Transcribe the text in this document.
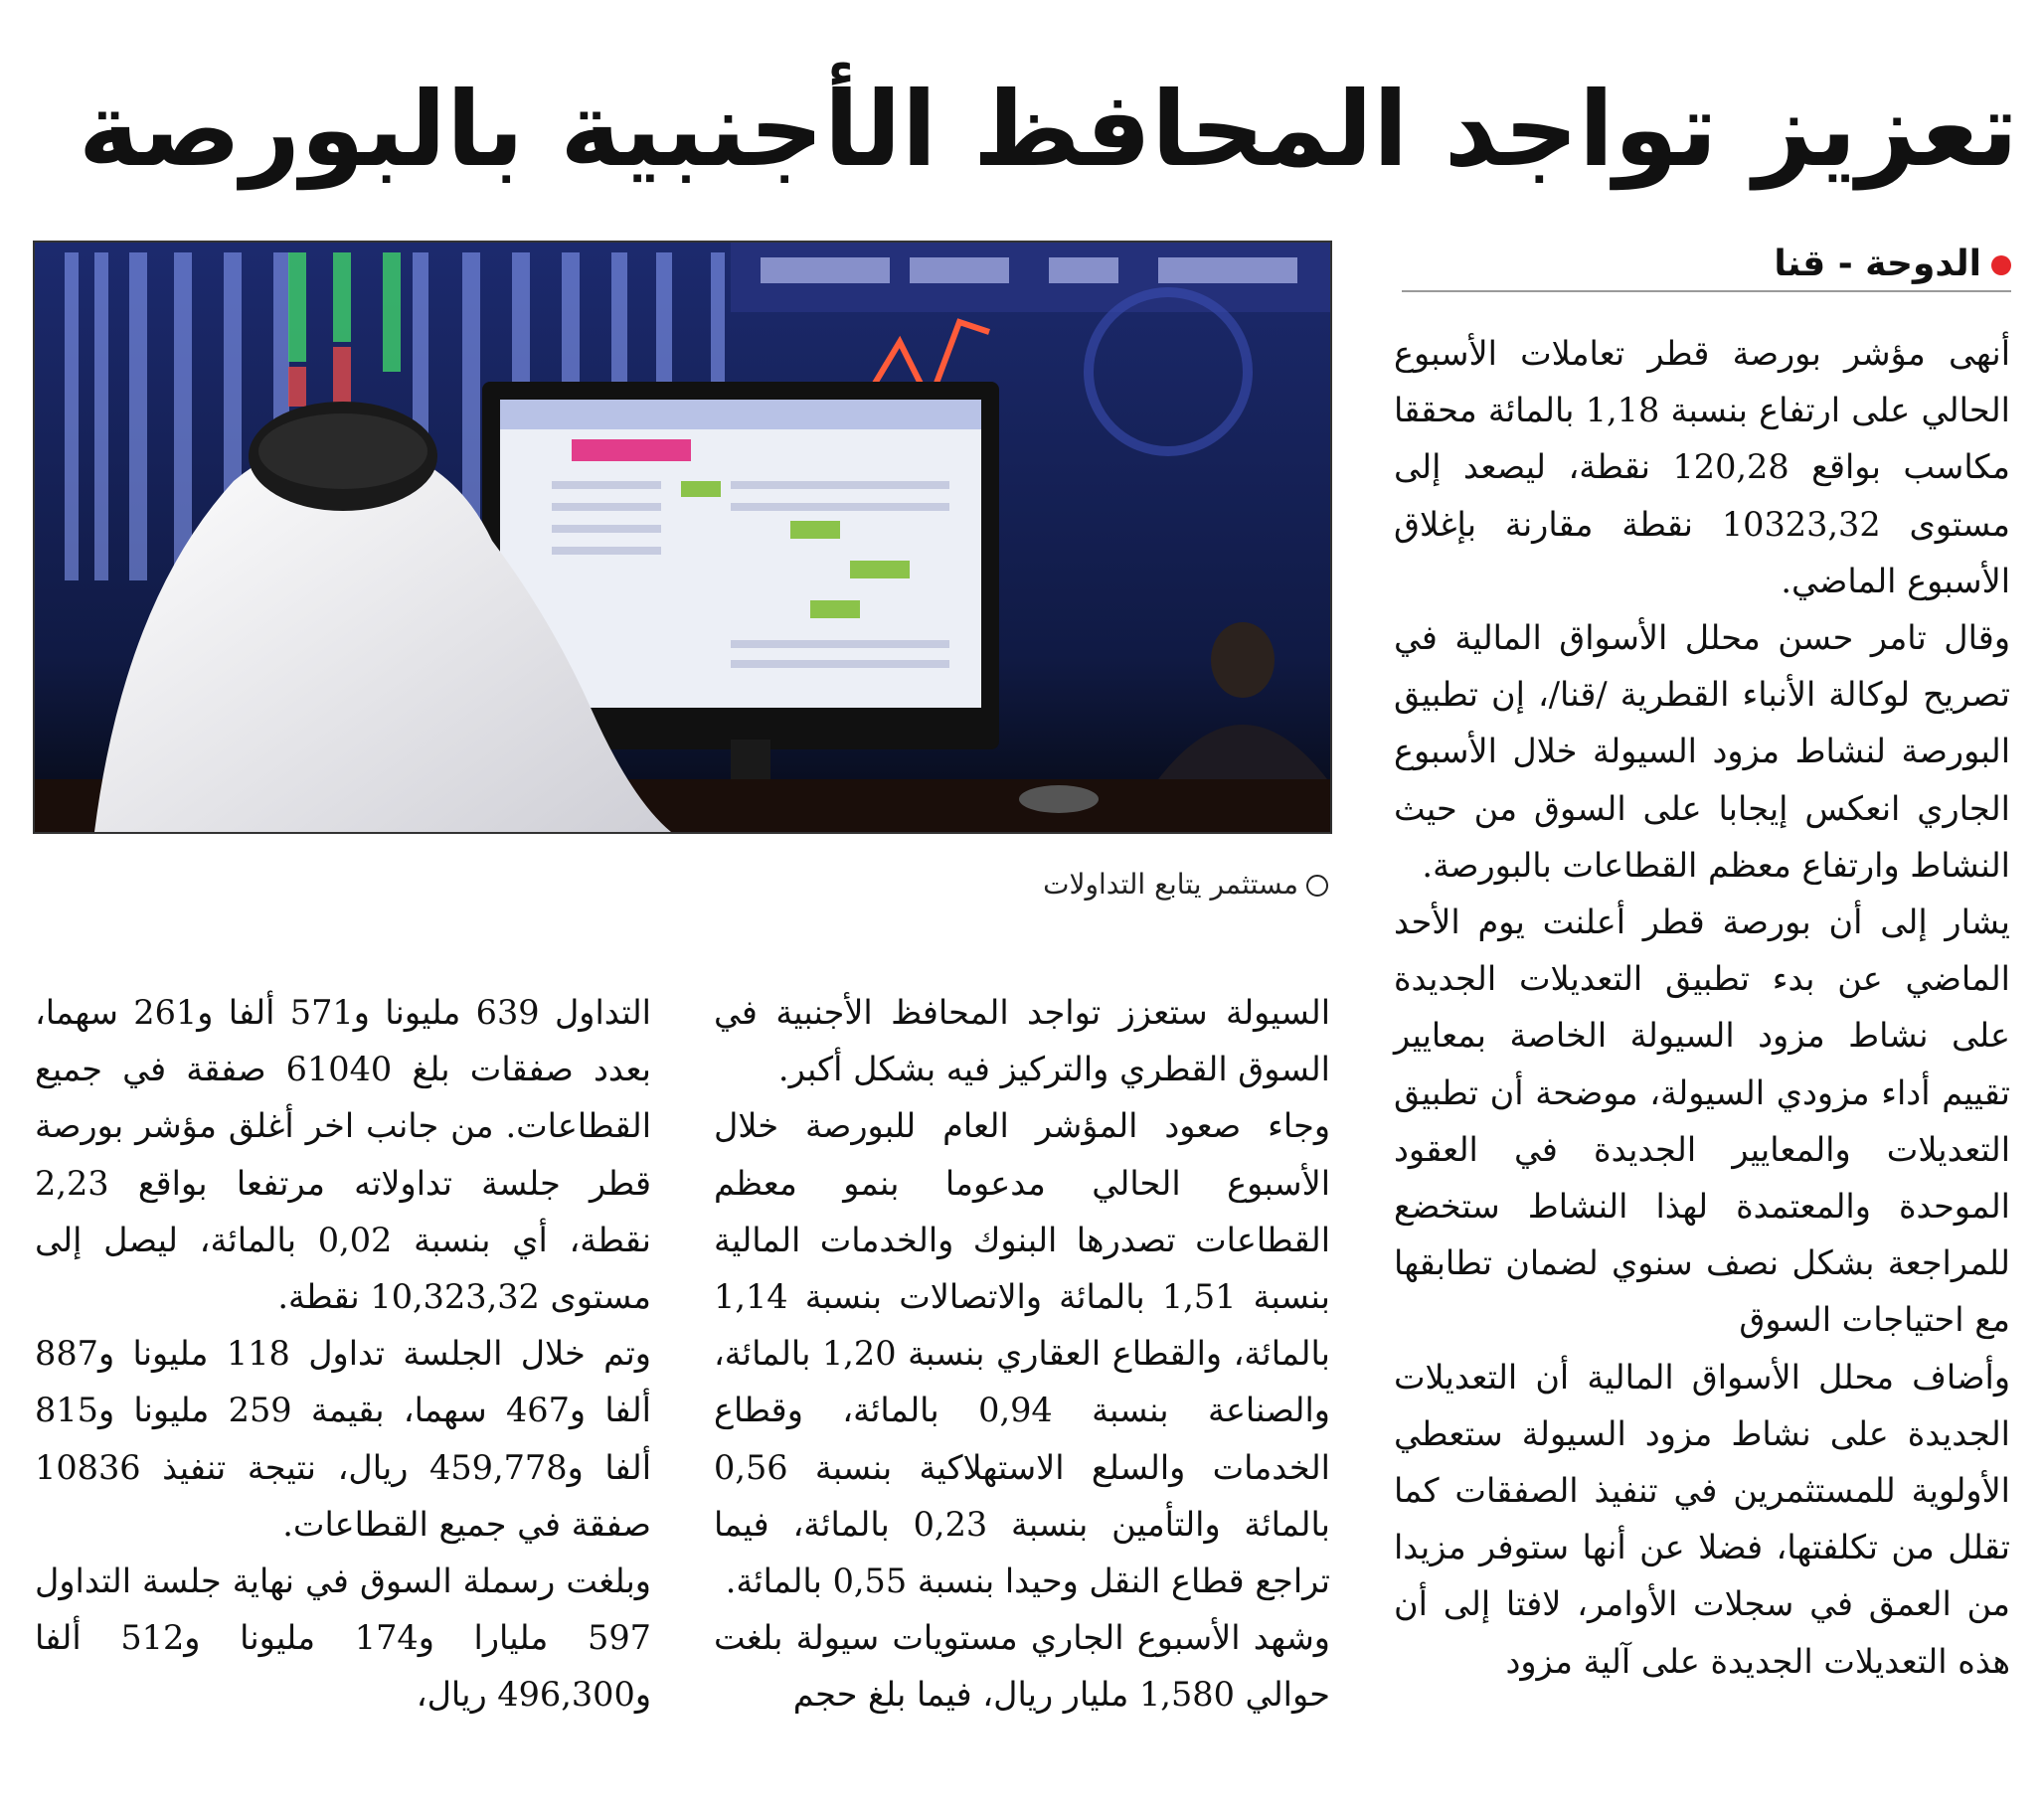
تعزيز تواجد المحافظ الأجنبية بالبورصة
الدوحة - قنا

أنهى مؤشر بورصة قطر تعاملات الأسبوع الحالي على ارتفاع بنسبة 1,18 بالمائة محققا مكاسب بواقع 120,28 نقطة، ليصعد إلى مستوى 10323,32 نقطة مقارنة بإغلاق الأسبوع الماضي.

وقال تامر حسن محلل الأسواق المالية في تصريح لوكالة الأنباء القطرية /قنا/، إن تطبيق البورصة لنشاط مزود السيولة خلال الأسبوع الجاري انعكس إيجابا على السوق من حيث النشاط وارتفاع معظم القطاعات بالبورصة.

يشار إلى أن بورصة قطر أعلنت يوم الأحد الماضي عن بدء تطبيق التعديلات الجديدة على نشاط مزود السيولة الخاصة بمعايير تقييم أداء مزودي السيولة، موضحة أن تطبيق التعديلات والمعايير الجديدة في العقود الموحدة والمعتمدة لهذا النشاط ستخضع للمراجعة بشكل نصف سنوي لضمان تطابقها مع احتياجات السوق

وأضاف محلل الأسواق المالية أن التعديلات الجديدة على نشاط مزود السيولة ستعطي الأولوية للمستثمرين في تنفيذ الصفقات كما تقلل من تكلفتها، فضلا عن أنها ستوفر مزيدا من العمق في سجلات الأوامر، لافتا إلى أن هذه التعديلات الجديدة على آلية مزود

مستثمر يتابع التداولات

السيولة ستعزز تواجد المحافظ الأجنبية في السوق القطري والتركيز فيه بشكل أكبر.

وجاء صعود المؤشر العام للبورصة خلال الأسبوع الحالي مدعوما بنمو معظم القطاعات تصدرها البنوك والخدمات المالية بنسبة 1,51 بالمائة والاتصالات بنسبة 1,14 بالمائة، والقطاع العقاري بنسبة 1,20 بالمائة، والصناعة بنسبة 0,94 بالمائة، وقطاع الخدمات والسلع الاستهلاكية بنسبة 0,56 بالمائة والتأمين بنسبة 0,23 بالمائة، فيما تراجع قطاع النقل وحيدا بنسبة 0,55 بالمائة.

وشهد الأسبوع الجاري مستويات سيولة بلغت حوالي 1,580 مليار ريال، فيما بلغ حجم

التداول 639 مليونا و571 ألفا و261 سهما، بعدد صفقات بلغ 61040 صفقة في جميع القطاعات. من جانب اخر أغلق مؤشر بورصة قطر جلسة تداولاته مرتفعا بواقع 2,23 نقطة، أي بنسبة 0,02 بالمائة، ليصل إلى مستوى 10,323,32 نقطة.

وتم خلال الجلسة تداول 118 مليونا و887 ألفا و467 سهما، بقيمة 259 مليونا و815 ألفا و459,778 ريال، نتيجة تنفيذ 10836 صفقة في جميع القطاعات.

وبلغت رسملة السوق في نهاية جلسة التداول 597 مليارا و174 مليونا و512 ألفا و496,300 ريال،
